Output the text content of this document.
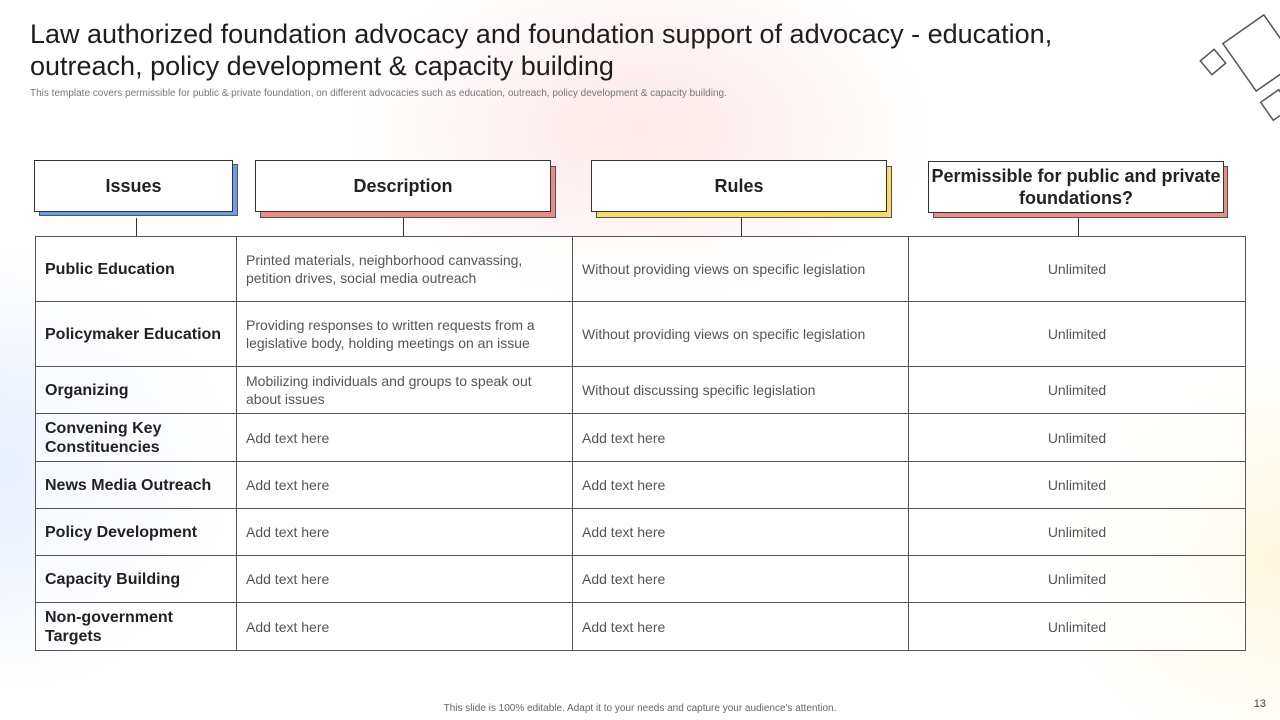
Law authorized foundation advocacy and foundation support of advocacy - education, outreach, policy development & capacity building
This template covers permissible for public & private foundation, on different advocacies such as education, outreach, policy development & capacity building.
Issues	Description	Rules	Permissible for public and private foundations?
Public Education	Printed materials, neighborhood canvassing, petition drives, social media outreach	Without providing views on specific legislation	Unlimited
Policymaker Education	Providing responses to written requests from a legislative body, holding meetings on an issue	Without providing views on specific legislation	Unlimited
Organizing	Mobilizing individuals and groups to speak out about issues	Without discussing specific legislation	Unlimited
Convening Key Constituencies	Add text here	Add text here	Unlimited
News Media Outreach	Add text here	Add text here	Unlimited
Policy Development	Add text here	Add text here	Unlimited
Capacity Building	Add text here	Add text here	Unlimited
Non-government Targets	Add text here	Add text here	Unlimited
This slide is 100% editable. Adapt it to your needs and capture your audience's attention.	13
